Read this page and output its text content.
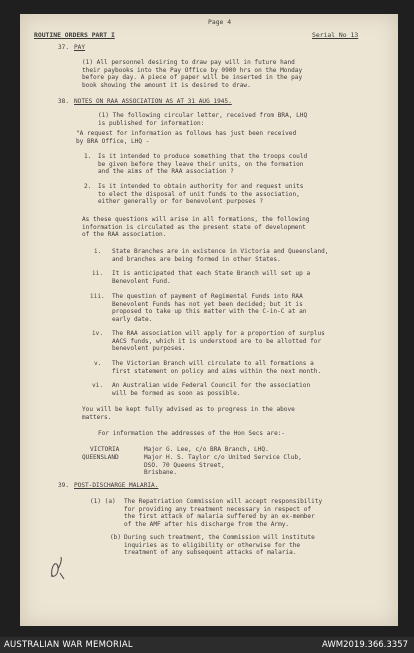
Page 4
ROUTINE ORDERS PART I	Serial No 13
37. PAY
(1) All personnel desiring to draw pay will in future hand
their paybooks into the Pay Office by 0900 hrs on the Monday
before pay day. A piece of paper will be inserted in the pay
book showing the amount it is desired to draw.
38. NOTES ON RAA ASSOCIATION AS AT 31 AUG 1945.
(1) The following circular letter, received from BRA, LHQ
is published for information:
"A request for information as follows has just been received
by BRA Office, LHQ -
1. Is it intended to produce something that the troops could
be given before they leave their units, on the formation
and the aims of the RAA association ?
2. Is it intended to obtain authority for and request units
to elect the disposal of unit funds to the association,
either generally or for benevolent purposes ?
As these questions will arise in all formations, the following
information is circulated as the present state of development
of the RAA association.
i. State Branches are in existence in Victoria and Queensland,
and branches are being formed in other States.
ii. It is anticipated that each State Branch will set up a
Benevolent Fund.
iii. The question of payment of Regimental Funds into RAA
Benevolent Funds has not yet been decided; but it is
proposed to take up this matter with the C-in-C at an
early date.
iv. The RAA association will apply for a proportion of surplus
AACS funds, which it is understood are to be allotted for
benevolent purposes.
v. The Victorian Branch will circulate to all formations a
first statement on policy and aims within the next month.
vi. An Australian wide Federal Council for the association
will be formed as soon as possible.
You will be kept fully advised as to progress in the above
matters.
For information the addresses of the Hon Secs are:-
VICTORIA	Major G. Lee, c/o BRA Branch, LHQ.
QUEENSLAND	Major H. S. Taylor c/o United Service Club,
DSO. 70 Queens Street,
Brisbane.
39. POST-DISCHARGE MALARIA.
(1) (a) The Repatriation Commission will accept responsibility
for providing any treatment necessary in respect of
the first attack of malaria suffered by an ex-member
of the AMF after his discharge from the Army.
(b) During such treatment, the Commission will institute
inquiries as to eligibility or otherwise for the
treatment of any subsequent attacks of malaria.
AUSTRALIAN WAR MEMORIAL	AWM2019.366.3357
